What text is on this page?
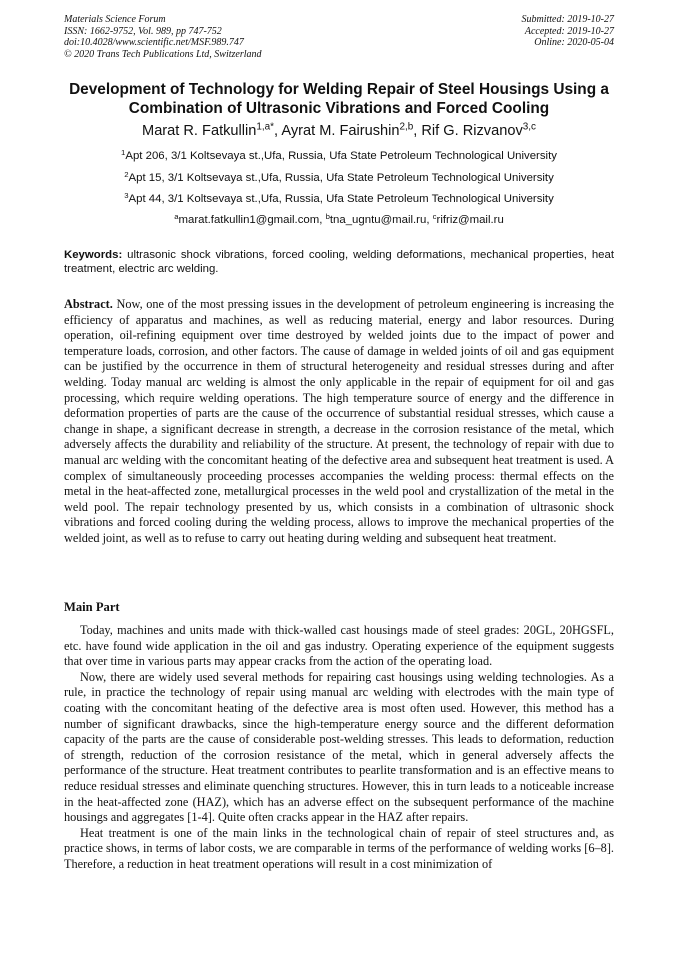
Materials Science Forum
ISSN: 1662-9752, Vol. 989, pp 747-752
doi:10.4028/www.scientific.net/MSF.989.747
© 2020 Trans Tech Publications Ltd, Switzerland
Submitted: 2019-10-27
Accepted: 2019-10-27
Online: 2020-05-04
Development of Technology for Welding Repair of Steel Housings Using a Combination of Ultrasonic Vibrations and Forced Cooling
Marat R. Fatkullin$^{1,a*}$, Ayrat M. Fairushin$^{2,b}$, Rif G. Rizvanov$^{3,c}$
$^1$Apt 206, 3/1 Koltsevaya st.,Ufa, Russia, Ufa State Petroleum Technological University
$^2$Apt 15, 3/1 Koltsevaya st.,Ufa, Russia, Ufa State Petroleum Technological University
$^3$Apt 44, 3/1 Koltsevaya st.,Ufa, Russia, Ufa State Petroleum Technological University
$^a$marat.fatkullin1@gmail.com, $^b$tna_ugntu@mail.ru, $^c$rifriz@mail.ru
Keywords: ultrasonic shock vibrations, forced cooling, welding deformations, mechanical properties, heat treatment, electric arc welding.
Abstract. Now, one of the most pressing issues in the development of petroleum engineering is increasing the efficiency of apparatus and machines, as well as reducing material, energy and labor resources. During operation, oil-refining equipment over time destroyed by welded joints due to the impact of power and temperature loads, corrosion, and other factors. The cause of damage in welded joints of oil and gas equipment can be justified by the occurrence in them of structural heterogeneity and residual stresses during and after welding. Today manual arc welding is almost the only applicable in the repair of equipment for oil and gas processing, which require welding operations. The high temperature source of energy and the difference in deformation properties of parts are the cause of the occurrence of substantial residual stresses, which cause a change in shape, a significant decrease in strength, a decrease in the corrosion resistance of the metal, which adversely affects the durability and reliability of the structure. At present, the technology of repair with due to manual arc welding with the concomitant heating of the defective area and subsequent heat treatment is used. A complex of simultaneously proceeding processes accompanies the welding process: thermal effects on the metal in the heat-affected zone, metallurgical processes in the weld pool and crystallization of the metal in the weld pool. The repair technology presented by us, which consists in a combination of ultrasonic shock vibrations and forced cooling during the welding process, allows to improve the mechanical properties of the welded joint, as well as to refuse to carry out heating during welding and subsequent heat treatment.
Main Part

Today, machines and units made with thick-walled cast housings made of steel grades: 20GL, 20HGSFL, etc. have found wide application in the oil and gas industry. Operating experience of the equipment suggests that over time in various parts may appear cracks from the action of the operating load.

Now, there are widely used several methods for repairing cast housings using welding technologies. As a rule, in practice the technology of repair using manual arc welding with electrodes with the main type of coating with the concomitant heating of the defective area is most often used. However, this method has a number of significant drawbacks, since the high-temperature energy source and the different deformation capacity of the parts are the cause of considerable post-welding stresses. This leads to deformation, reduction of strength, reduction of the corrosion resistance of the metal, which in general adversely affects the performance of the structure. Heat treatment contributes to pearlite transformation and is an effective means to reduce residual stresses and eliminate quenching structures. However, this in turn leads to a noticeable increase in the heat-affected zone (HAZ), which has an adverse effect on the subsequent performance of the machine housings and aggregates [1-4]. Quite often cracks appear in the HAZ after repairs.

Heat treatment is one of the main links in the technological chain of repair of steel structures and, as practice shows, in terms of labor costs, we are comparable in terms of the performance of welding works [6–8]. Therefore, a reduction in heat treatment operations will result in a cost minimization of
